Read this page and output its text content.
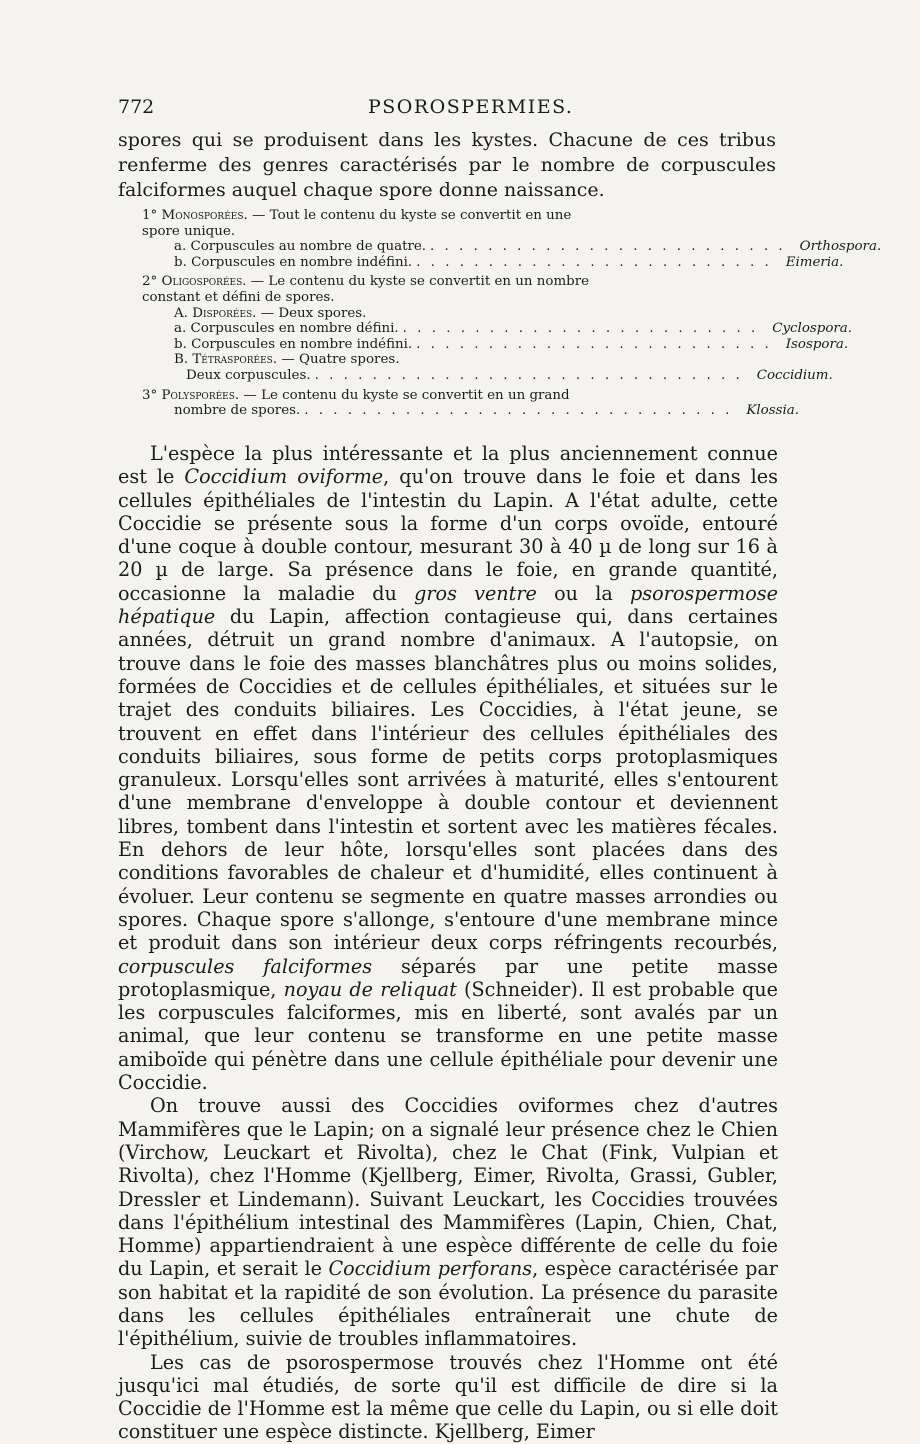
772	PSOROSPERMIES.

spores qui se produisent dans les kystes. Chacune de ces tribus renferme des genres caractérisés par le nombre de corpuscules falciformes auquel chaque spore donne naissance.

1° Monosporées. — Tout le contenu du kyste se convertit en une spore unique.
a. Corpuscules au nombre de quatre. . . . . . . . . . . . . . . . . . . . . . . . . .	Orthospora.
b. Corpuscules en nombre indéfini. . . . . . . . . . . . . . . . . . . . . . . . . .	Eimeria.
2° Oligosporées. — Le contenu du kyste se convertit en un nombre constant et défini de spores.
A. Disporées. — Deux spores.
a. Corpuscules en nombre défini. . . . . . . . . . . . . . . . . . . . . . . . . .	Cyclospora.
b. Corpuscules en nombre indéfini. . . . . . . . . . . . . . . . . . . . . . . . . .	Isospora.
B. Tétrasporées. — Quatre spores.
Deux corpuscules. . . . . . . . . . . . . . . . . . . . . . . . . . . . . . .	Coccidium.
3° Polysporées. — Le contenu du kyste se convertit en un grand
nombre de spores. . . . . . . . . . . . . . . . . . . . . . . . . . . . . . .	Klossia.

L'espèce la plus intéressante et la plus anciennement connue est le Coccidium oviforme, qu'on trouve dans le foie et dans les cellules épithéliales de l'intestin du Lapin. A l'état adulte, cette Coccidie se présente sous la forme d'un corps ovoïde, entouré d'une coque à double contour, mesurant 30 à 40 µ de long sur 16 à 20 µ de large. Sa présence dans le foie, en grande quantité, occasionne la maladie du gros ventre ou la psorospermose hépatique du Lapin, affection contagieuse qui, dans certaines années, détruit un grand nombre d'animaux. A l'autopsie, on trouve dans le foie des masses blanchâtres plus ou moins solides, formées de Coccidies et de cellules épithéliales, et situées sur le trajet des conduits biliaires. Les Coccidies, à l'état jeune, se trouvent en effet dans l'intérieur des cellules épithéliales des conduits biliaires, sous forme de petits corps protoplasmiques granuleux. Lorsqu'elles sont arrivées à maturité, elles s'entourent d'une membrane d'enveloppe à double contour et deviennent libres, tombent dans l'intestin et sortent avec les matières fécales. En dehors de leur hôte, lorsqu'elles sont placées dans des conditions favorables de chaleur et d'humidité, elles continuent à évoluer. Leur contenu se segmente en quatre masses arrondies ou spores. Chaque spore s'allonge, s'entoure d'une membrane mince et produit dans son intérieur deux corps réfringents recourbés, corpuscules falciformes séparés par une petite masse protoplasmique, noyau de reliquat (Schneider). Il est probable que les corpuscules falciformes, mis en liberté, sont avalés par un animal, que leur contenu se transforme en une petite masse amiboïde qui pénètre dans une cellule épithéliale pour devenir une Coccidie.

On trouve aussi des Coccidies oviformes chez d'autres Mammifères que le Lapin; on a signalé leur présence chez le Chien (Virchow, Leuckart et Rivolta), chez le Chat (Fink, Vulpian et Rivolta), chez l'Homme (Kjellberg, Eimer, Rivolta, Grassi, Gubler, Dressler et Lindemann). Suivant Leuckart, les Coccidies trouvées dans l'épithélium intestinal des Mammifères (Lapin, Chien, Chat, Homme) appartiendraient à une espèce différente de celle du foie du Lapin, et serait le Coccidium perforans, espèce caractérisée par son habitat et la rapidité de son évolution. La présence du parasite dans les cellules épithéliales entraînerait une chute de l'épithélium, suivie de troubles inflammatoires.

Les cas de psorospermose trouvés chez l'Homme ont été jusqu'ici mal étudiés, de sorte qu'il est difficile de dire si la Coccidie de l'Homme est la même que celle du Lapin, ou si elle doit constituer une espèce distincte. Kjellberg, Eimer
